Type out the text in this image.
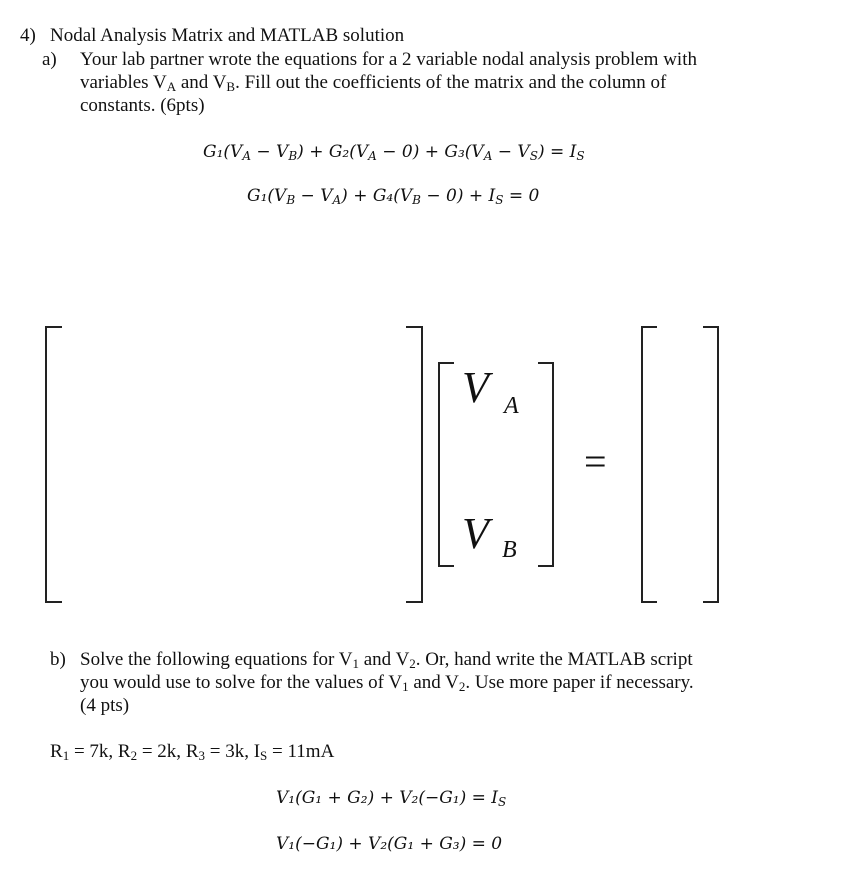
4) Nodal Analysis Matrix and MATLAB solution
a) Your lab partner wrote the equations for a 2 variable nodal analysis problem with
variables $V_A$ and $V_B$. Fill out the coefficients of the matrix and the column of
constants. (6pts)
$G_1(V_A - V_B) + G_2(V_A - 0) + G_3(V_A - V_S) = I_S$
$G_1(V_B - V_A) + G_4(V_B - 0) + I_S = 0$
V A
V B
=
b) Solve the following equations for $V_1$ and $V_2$. Or, hand write the MATLAB script
you would use to solve for the values of $V_1$ and $V_2$. Use more paper if necessary.
(4 pts)
$R_1 = 7k$, $R_2 = 2k$, $R_3 = 3k$, $I_S = 11mA$
$V_1(G_1 + G_2) + V_2(-G_1) = I_S$
V₁(−G₁) + V₂(G₁ + G₃) = 0
